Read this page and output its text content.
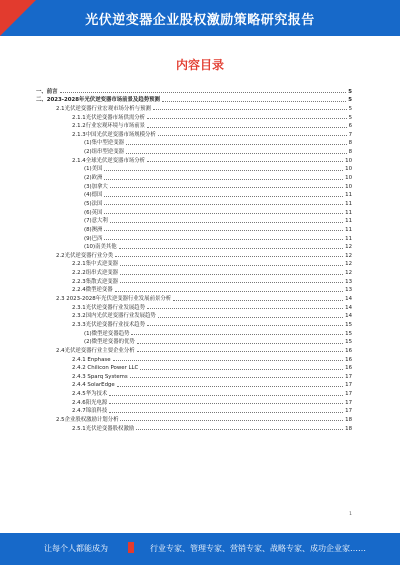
光伏逆变器企业股权激励策略研究报告
内容目录
一、前言	5
二、2023-2028年光伏逆变器市场前景及趋势预测	5
2.1光伏逆变器行业宏观市场分析与预测	5
2.1.1光伏逆变器市场供需分析	5
2.1.2行业宏观环境与市场前景	6
2.1.3中国光伏逆变器市场规模分析	7
(1)集中型逆变器	8
(2)组串型逆变器	8
2.1.4全球光伏逆变器市场分析	10
(1)美国	10
(2)欧洲	10
(3)加拿大	10
(4)德国	11
(5)法国	11
(6)英国	11
(7)意大利	11
(8)澳洲	11
(9)巴西	11
(10)南美其他	12
2.2光伏逆变器行业分类	12
2.2.1集中式逆变器	12
2.2.2组串式逆变器	12
2.2.3集散式逆变器	13
2.2.4微型逆变器	13
2.3 2023-2028年光伏逆变器行业发展前景分析	14
2.3.1光伏逆变器行业发展趋势	14
2.3.2国内光伏逆变器行业发展趋势	14
2.3.3光伏逆变器行业技术趋势	15
(1)微型逆变器趋势	15
(2)微型逆变器的优势	15
2.4光伏逆变器行业主要企业分析	16
2.4.1 Enphase	16
2.4.2 Chilicon Power LLC	16
2.4.3 Sparq Systems	17
2.4.4 SolarEdge	17
2.4.5华为技术	17
2.4.6阳光电源	17
2.4.7锦浪科技	17
2.5企业股权激励计划分析	18
2.5.1光伏逆变器股权激励	18
1
让每个人都能成为	行业专家、管理专家、营销专家、战略专家、成功企业家……
